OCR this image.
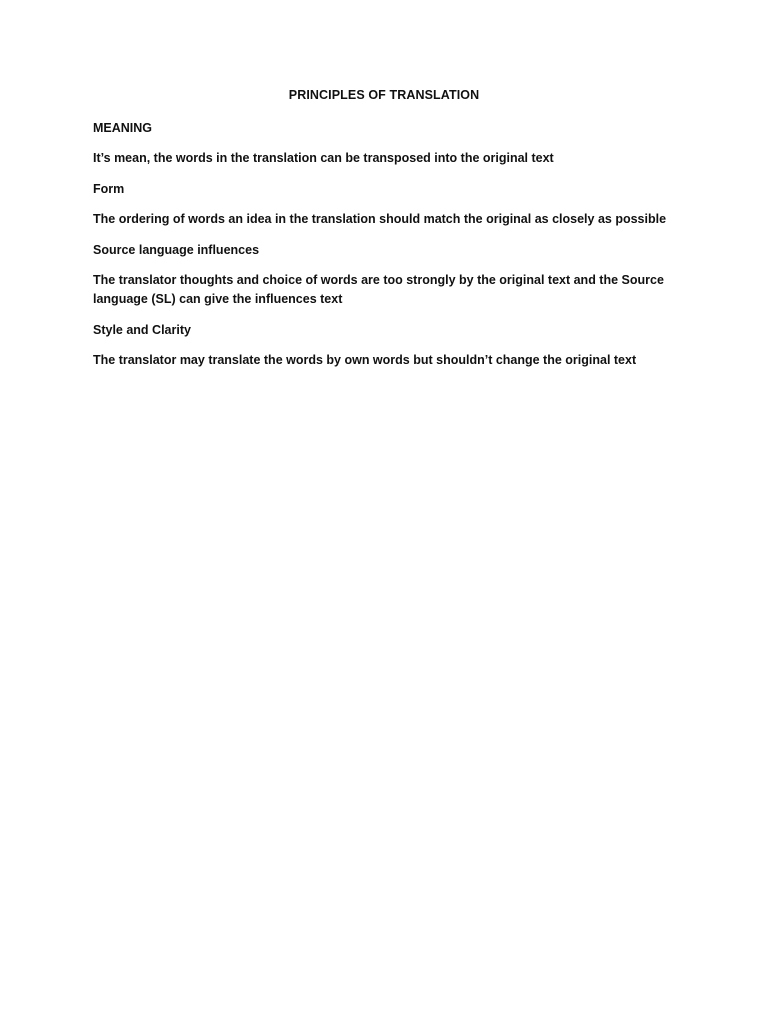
PRINCIPLES OF TRANSLATION

MEANING

It’s mean, the words in the translation can be transposed into the original text

Form

The ordering of words an idea in the translation should match the original as closely as possible

Source language influences

The translator thoughts and choice of words are too strongly by the original text and the Source language (SL) can give the influences text

Style and Clarity

The translator may translate the words by own words but shouldn’t change the original text
